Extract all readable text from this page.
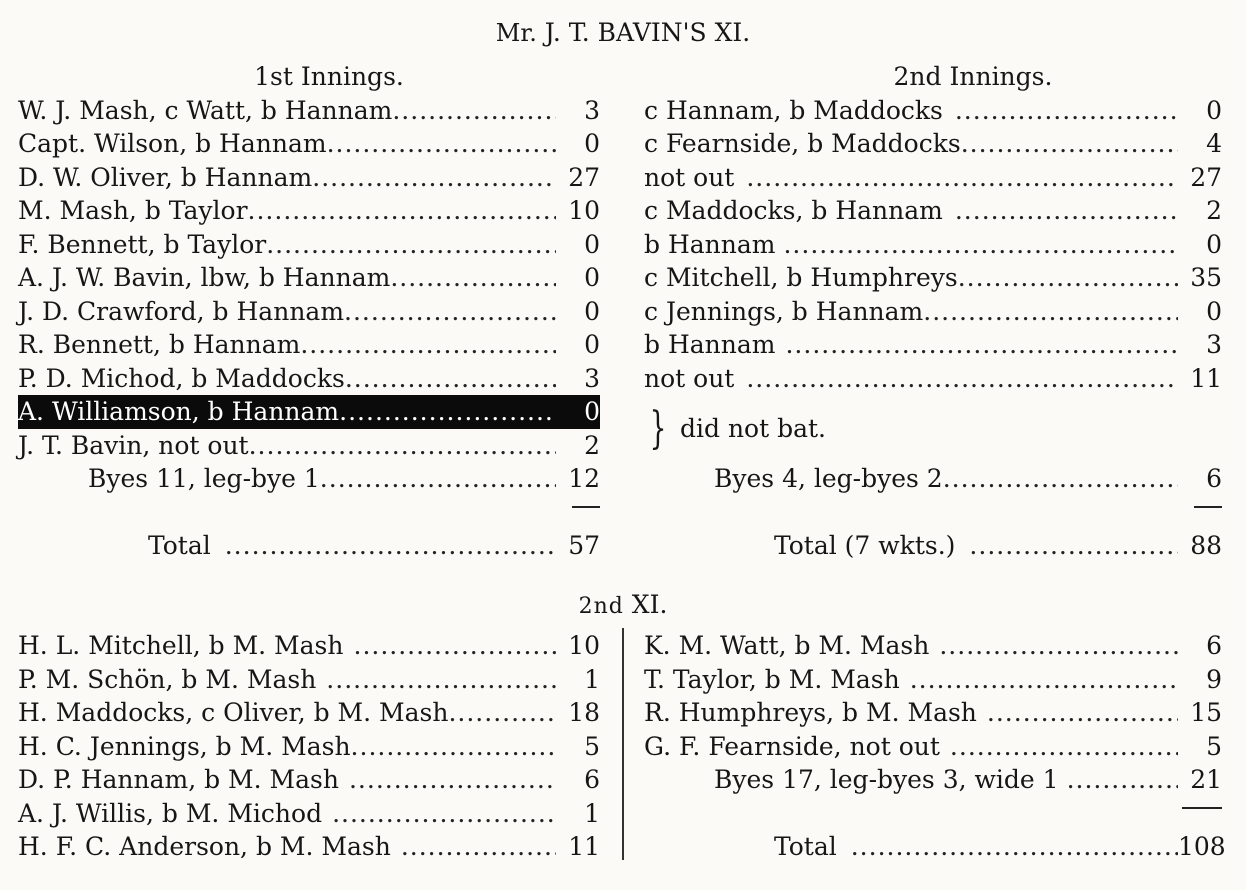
Mr. J. T. BAVIN'S XI.
1st Innings.
W. J. Mash, c Watt, b Hannam .....	3
Capt. Wilson, b Hannam .....	0
D. W. Oliver, b Hannam .....	27
M. Mash, b Taylor .....	10
F. Bennett, b Taylor .....	0
A. J. W. Bavin, lbw, b Hannam .....	0
J. D. Crawford, b Hannam .....	0
R. Bennett, b Hannam .....	0
P. D. Michod, b Maddocks .....	3
A. Williamson, b Hannam .....	0
J. T. Bavin, not out .....	2
Byes 11, leg-bye 1 .....	12
Total .....	57
2nd Innings.
c Hannam, b Maddocks .....	0
c Fearnside, b Maddocks .....	4
not out .....	27
c Maddocks, b Hannam .....	2
b Hannam .....	0
c Mitchell, b Humphreys .....	35
c Jennings, b Hannam .....	0
b Hannam .....	3
not out .....	11
} did not bat.
Byes 4, leg-byes 2 .....	6
Total (7 wkts.) .....	88
2nd XI.
H. L. Mitchell, b M. Mash .....	10
P. M. Schön, b M. Mash .....	1
H. Maddocks, c Oliver, b M. Mash .....	18
H. C. Jennings, b M. Mash .....	5
D. P. Hannam, b M. Mash .....	6
A. J. Willis, b M. Michod .....	1
H. F. C. Anderson, b M. Mash .....	11
K. M. Watt, b M. Mash .....	6
T. Taylor, b M. Mash .....	9
R. Humphreys, b M. Mash .....	15
G. F. Fearnside, not out .....	5
Byes 17, leg-byes 3, wide 1 .....	21
Total .....	108
